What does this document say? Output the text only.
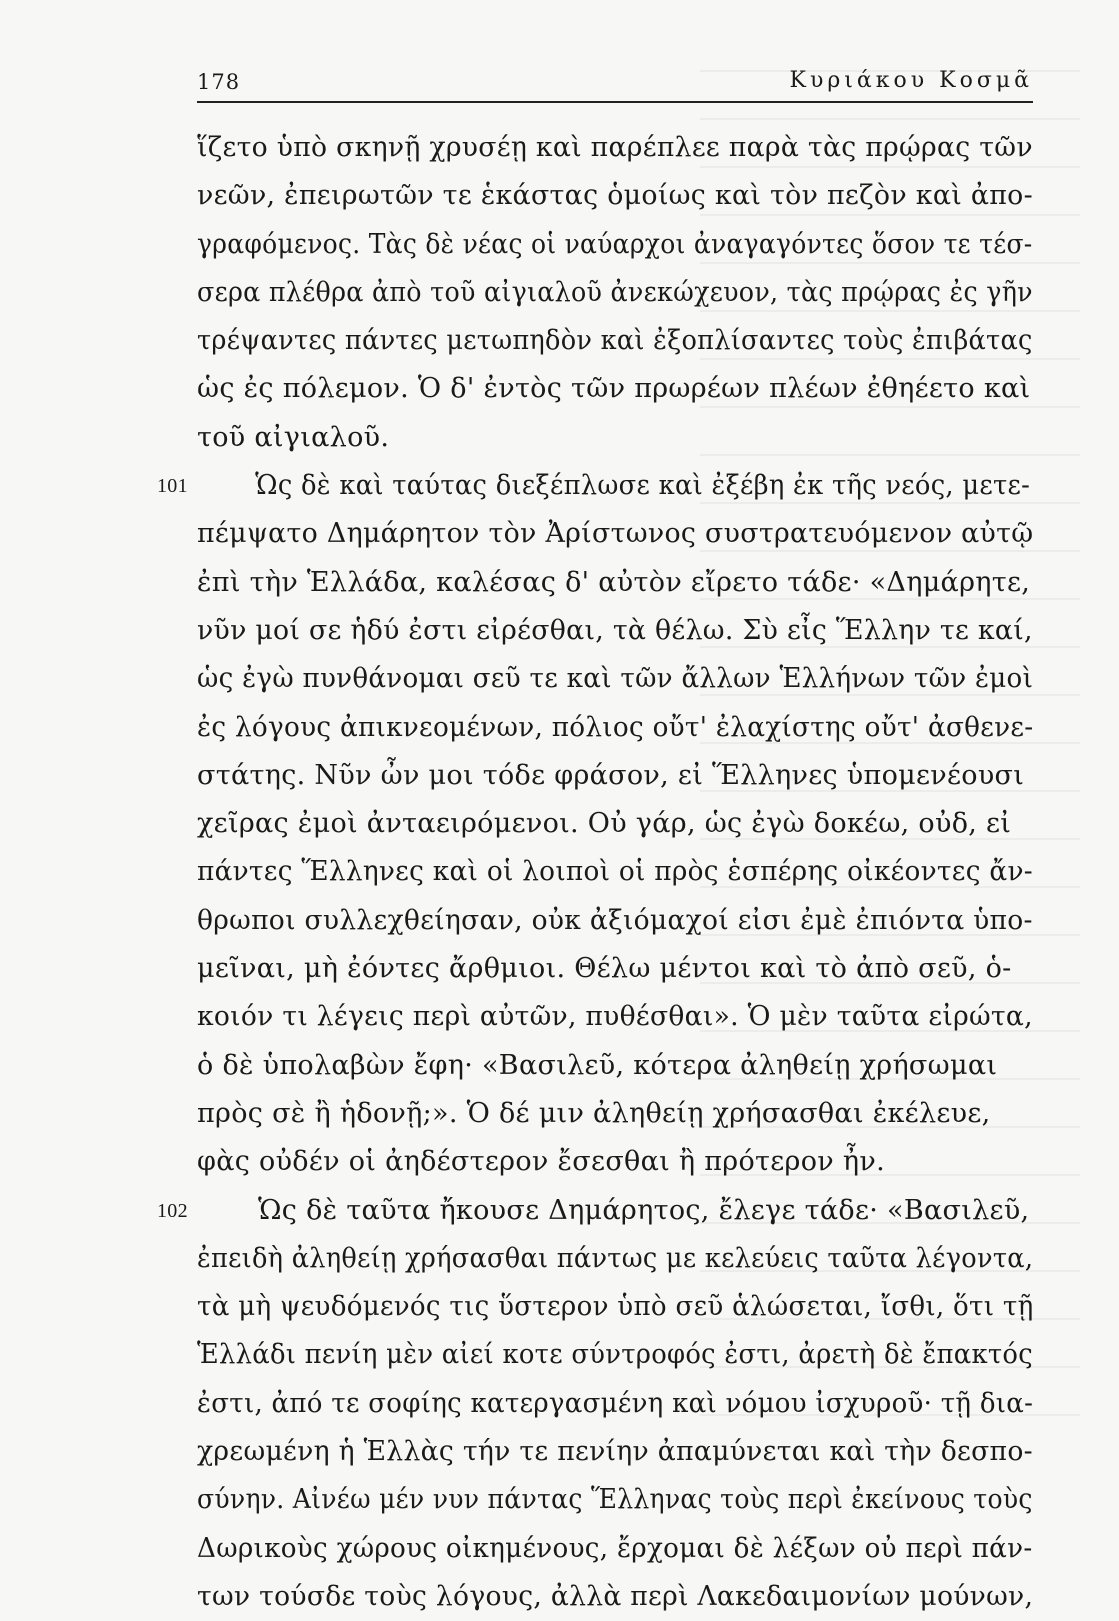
178	Κυριάκου Κοσμᾶ
ἵζετο ὑπὸ σκηνῇ χρυσέῃ καὶ παρέπλεε παρὰ τὰς πρῴρας τῶν
νεῶν, ἐπειρωτῶν τε ἑκάστας ὁμοίως καὶ τὸν πεζὸν καὶ ἀπο-
γραφόμενος. Τὰς δὲ νέας οἱ ναύαρχοι ἀναγαγόντες ὅσον τε τέσ-
σερα πλέθρα ἀπὸ τοῦ αἰγιαλοῦ ἀνεκώχευον, τὰς πρῴρας ἐς γῆν
τρέψαντες πάντες μετωπηδὸν καὶ ἐξοπλίσαντες τοὺς ἐπιβάτας
ὡς ἐς πόλεμον. Ὁ δ' ἐντὸς τῶν πρωρέων πλέων ἐθηέετο καὶ
τοῦ αἰγιαλοῦ.
101 Ὡς δὲ καὶ ταύτας διεξέπλωσε καὶ ἐξέβη ἐκ τῆς νεός, μετε-
πέμψατο Δημάρητον τὸν Ἀρίστωνος συστρατευόμενον αὐτῷ
ἐπὶ τὴν Ἑλλάδα, καλέσας δ' αὐτὸν εἴρετο τάδε· «Δημάρητε,
νῦν μοί σε ἡδύ ἐστι εἰρέσθαι, τὰ θέλω. Σὺ εἶς Ἕλλην τε καί,
ὡς ἐγὼ πυνθάνομαι σεῦ τε καὶ τῶν ἄλλων Ἑλλήνων τῶν ἐμοὶ
ἐς λόγους ἀπικνεομένων, πόλιος οὔτ' ἐλαχίστης οὔτ' ἀσθενε-
στάτης. Νῦν ὦν μοι τόδε φράσον, εἰ Ἕλληνες ὑπομενέουσι
χεῖρας ἐμοὶ ἀνταειρόμενοι. Οὐ γάρ, ὡς ἐγὼ δοκέω, οὐδ, εἰ
πάντες Ἕλληνες καὶ οἱ λοιποὶ οἱ πρὸς ἑσπέρης οἰκέοντες ἄν-
θρωποι συλλεχθείησαν, οὐκ ἀξιόμαχοί εἰσι ἐμὲ ἐπιόντα ὑπο-
μεῖναι, μὴ ἐόντες ἄρθμιοι. Θέλω μέντοι καὶ τὸ ἀπὸ σεῦ, ὁ-
κοιόν τι λέγεις περὶ αὐτῶν, πυθέσθαι». Ὁ μὲν ταῦτα εἰρώτα,
ὁ δὲ ὑπολαβὼν ἔφη· «Βασιλεῦ, κότερα ἀληθείῃ χρήσωμαι
πρὸς σὲ ἢ ἡδονῇ;». Ὁ δέ μιν ἀληθείῃ χρήσασθαι ἐκέλευε,
φὰς οὐδέν οἱ ἀηδέστερον ἔσεσθαι ἢ πρότερον ἦν.
102	Ὡς δὲ ταῦτα ἤκουσε Δημάρητος, ἔλεγε τάδε· «Βασιλεῦ,
ἐπειδὴ ἀληθείῃ χρήσασθαι πάντως με κελεύεις ταῦτα λέγοντα,
τὰ μὴ ψευδόμενός τις ὕστερον ὑπὸ σεῦ ἁλώσεται, ἴσθι, ὅτι τῇ
Ἑλλάδι πενίη μὲν αἰεί κοτε σύντροφός ἐστι, ἀρετὴ δὲ ἔπακτός
ἐστι, ἀπό τε σοφίης κατεργασμένη καὶ νόμου ἰσχυροῦ· τῇ δια-
χρεωμένη ἡ Ἑλλὰς τήν τε πενίην ἀπαμύνεται καὶ τὴν δεσπο-
σύνην. Αἰνέω μέν νυν πάντας Ἕλληνας τοὺς περὶ ἐκείνους τοὺς
Δωρικοὺς χώρους οἰκημένους, ἔρχομαι δὲ λέξων οὐ περὶ πάν-
των τούσδε τοὺς λόγους, ἀλλὰ περὶ Λακεδαιμονίων μούνων,
